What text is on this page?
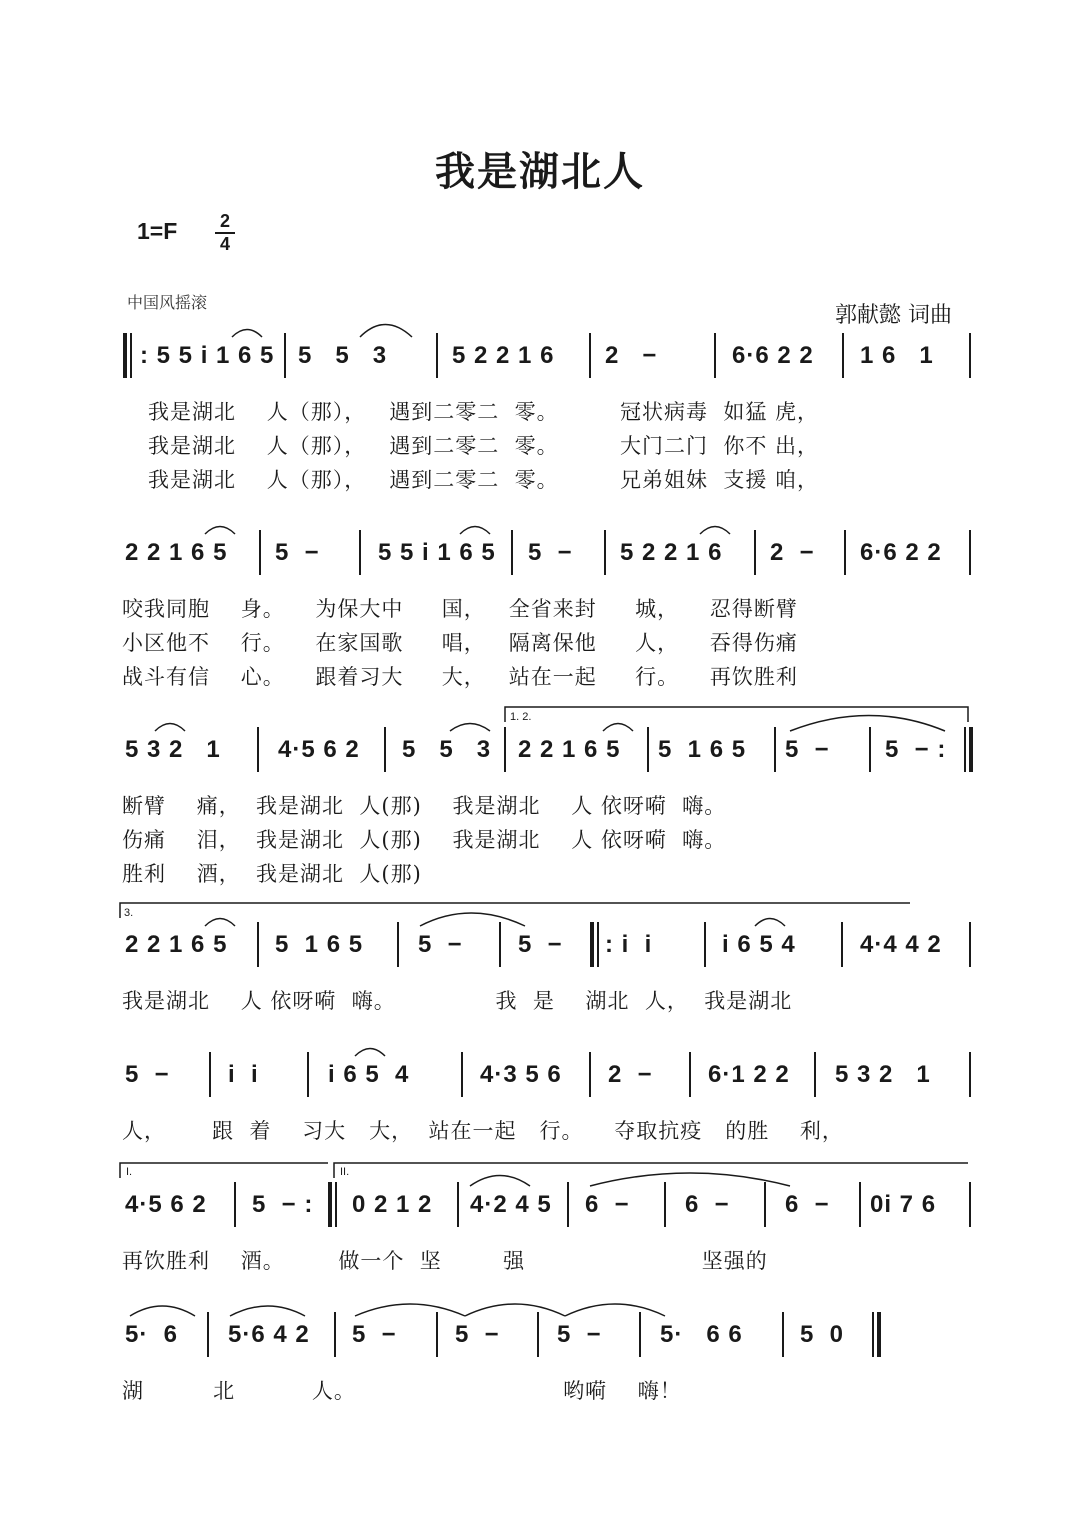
我是湖北人
1=F 2
4
中国风摇滚
郭献懿 词曲
: 5 5 i 1 6 5 5   5   3	5 2 2 1 6 2   −	6·6 2 2 1 6   1
我是湖北    人（那），   遇到二零二  零。        冠状病毒  如猛 虎，
我是湖北    人（那），   遇到二零二  零。        大门二门  你不 出，
我是湖北    人（那），   遇到二零二  零。        兄弟姐妹  支援 咱，
2 2 1 6 5 5  − 5 5 i 1 6 5 5  − 5 2 2 1 6 2  − 6·6 2 2
咬我同胞    身。    为保大中     国，   全省来封     城，    忍得断臂
小区他不    行。    在家国歌     唱，   隔离保他     人，    吞得伤痛
战斗有信    心。    跟着习大     大，   站在一起     行。    再饮胜利
1. 2.
5 3 2   1 4·5 6 2 5   5   3 2 2 1 6 5 5  1 6 5 5  − 5  − :
断臂    痛，  我是湖北  人(那)    我是湖北    人 依呀嗬  嗨。
伤痛    泪，  我是湖北  人(那)    我是湖北    人 依呀嗬  嗨。
胜利    酒，  我是湖北  人(那)
3.
2 2 1 6 5 5  1 6 5 5  − 5  − : i  i	i 6 5 4	4·4 4 2
我是湖北    人 依呀嗬  嗨。             我  是    湖北  人，  我是湖北
5  − i  i	i 6 5  4	4·3 5 6 2  − 6·1 2 2 5 3 2   1
人，      跟  着    习大   大，  站在一起   行。    夺取抗疫   的胜    利，
I.	II.
4·5 6 2 5  − : 0 2 1 2 4·2 4 5 6  − 6  − 6  − 0i 7 6
再饮胜利    酒。       做一个  坚        强                       坚强的
5·  6 5·6 4 2 5  − 5  − 5  − 5·   6 6 5  0
湖         北          人。                           哟嗬    嗨！
